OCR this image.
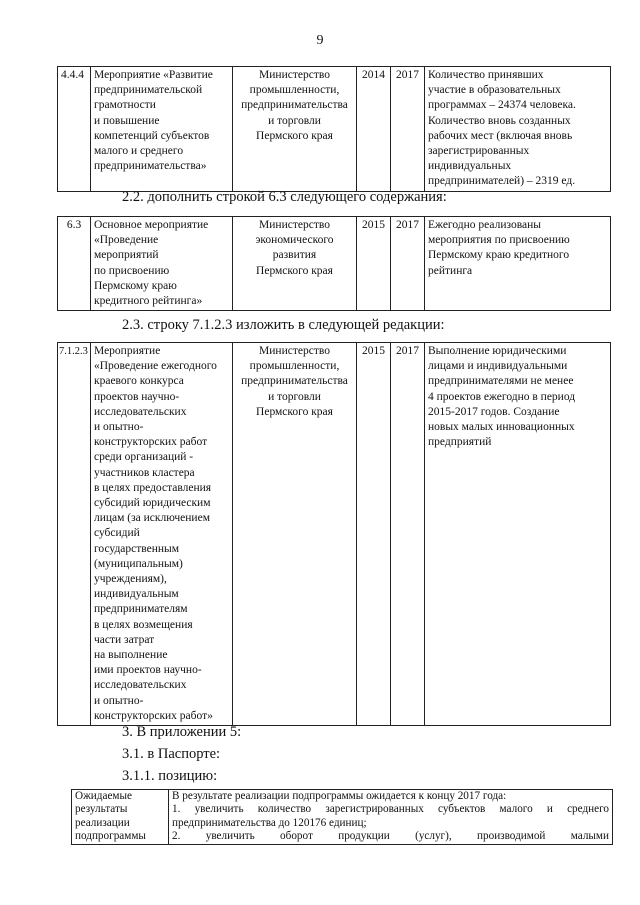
9
4.4.4	Мероприятие «Развитие
предпринимательской
грамотности
и повышение
компетенций субъектов
малого и среднего
предпринимательства»	Министерство
промышленности,
предпринимательства
и торговли
Пермского края	2014	2017	Количество принявших
участие в образовательных
программах – 24374 человека.
Количество вновь созданных
рабочих мест (включая вновь
зарегистрированных
индивидуальных
предпринимателей) – 2319 ед.
2.2. дополнить строкой 6.3 следующего содержания:
6.3	Основное мероприятие
«Проведение
мероприятий
по присвоению
Пермскому краю
кредитного рейтинга»	Министерство
экономического
развития
Пермского края	2015	2017	Ежегодно реализованы
мероприятия по присвоению
Пермскому краю кредитного
рейтинга
2.3. строку 7.1.2.3 изложить в следующей редакции:
7.1.2.3	Мероприятие
«Проведение ежегодного
краевого конкурса
проектов научно-
исследовательских
и опытно-
конструкторских работ
среди организаций -
участников кластера
в целях предоставления
субсидий юридическим
лицам (за исключением
субсидий
государственным
(муниципальным)
учреждениям),
индивидуальным
предпринимателям
в целях возмещения
части затрат
на выполнение
ими проектов научно-
исследовательских
и опытно-
конструкторских работ»	Министерство
промышленности,
предпринимательства
и торговли
Пермского края	2015	2017	Выполнение юридическими
лицами и индивидуальными
предпринимателями не менее
4 проектов ежегодно в период
2015-2017 годов. Создание
новых малых инновационных
предприятий
3. В приложении 5:
3.1. в Паспорте:
3.1.1. позицию:
Ожидаемые
результаты
реализации
подпрограммы	
В результате реализации подпрограммы ожидается к концу 2017 года:
1. увеличить количество зарегистрированных субъектов малого и среднего
предпринимательства до 120176 единиц;
2. увеличить оборот продукции (услуг), производимой малыми
